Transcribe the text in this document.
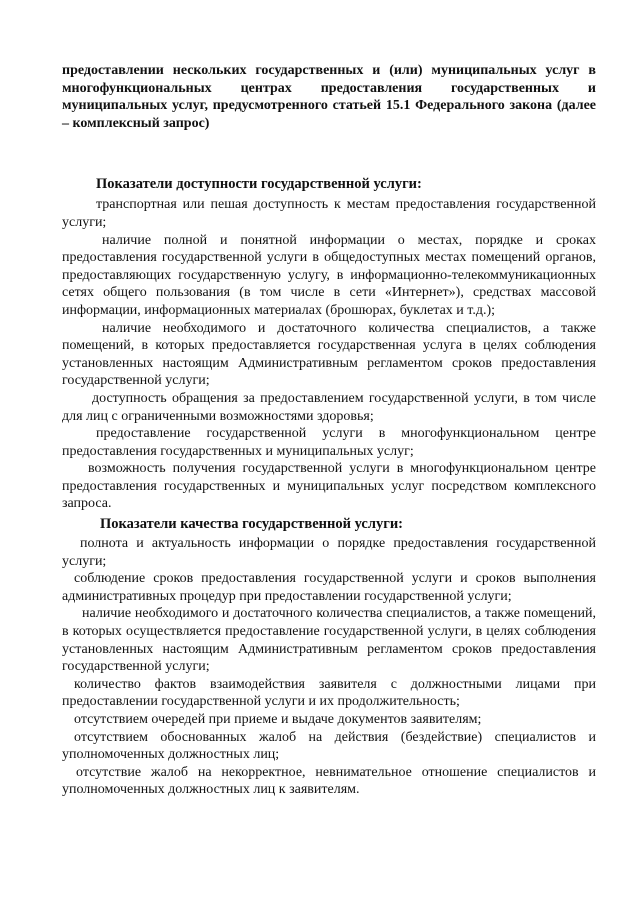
предоставлении нескольких государственных и (или) муниципальных услуг в многофункциональных центрах предоставления государственных и муниципальных услуг, предусмотренного статьей 15.1 Федерального закона (далее – комплексный запрос)

Показатели доступности государственной услуги:

транспортная или пешая доступность к местам предоставления государственной услуги;

наличие полной и понятной информации о местах, порядке и сроках предоставления государственной услуги в общедоступных местах помещений органов, предоставляющих государственную услугу, в информационно-телекоммуникационных сетях общего пользования (в том числе в сети «Интернет»), средствах массовой информации, информационных материалах (брошюрах, буклетах и т.д.);

наличие необходимого и достаточного количества специалистов, а также помещений, в которых предоставляется государственная услуга в целях соблюдения установленных настоящим Административным регламентом сроков предоставления государственной услуги;

доступность обращения за предоставлением государственной услуги, в том числе для лиц с ограниченными возможностями здоровья;

предоставление государственной услуги в многофункциональном центре предоставления государственных и муниципальных услуг;

возможность получения государственной услуги в многофункциональном центре предоставления государственных и муниципальных услуг посредством комплексного запроса.

Показатели качества государственной услуги:

полнота и актуальность информации о порядке предоставления государственной услуги;

соблюдение сроков предоставления государственной услуги и сроков выполнения административных процедур при предоставлении государственной услуги;

наличие необходимого и достаточного количества специалистов, а также помещений, в которых осуществляется предоставление государственной услуги, в целях соблюдения установленных настоящим Административным регламентом сроков предоставления государственной услуги;

количество фактов взаимодействия заявителя с должностными лицами при предоставлении государственной услуги и их продолжительность;

отсутствием очередей при приеме и выдаче документов заявителям;

отсутствием обоснованных жалоб на действия (бездействие) специалистов и уполномоченных должностных лиц;

отсутствие жалоб на некорректное, невнимательное отношение специалистов и уполномоченных должностных лиц к заявителям.
